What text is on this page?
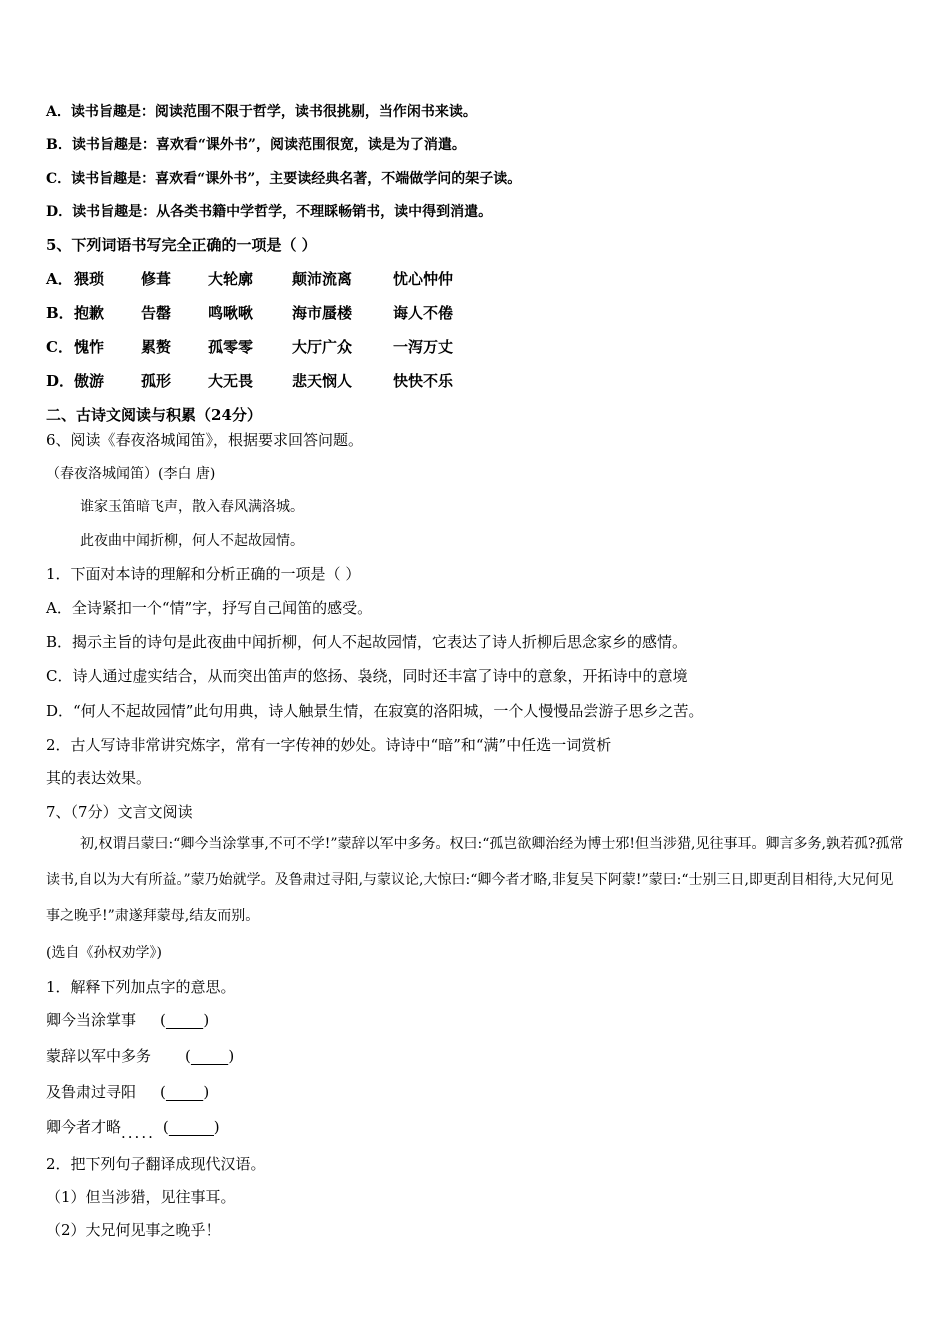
A．读书旨趣是：阅读范围不限于哲学，读书很挑剔，当作闲书来读。
B．读书旨趣是：喜欢看“课外书”，阅读范围很宽，读是为了消遣。
C．读书旨趣是：喜欢看“课外书”，主要读经典名著，不端做学问的架子读。
D．读书旨趣是：从各类书籍中学哲学，不理睬畅销书，读中得到消遣。
5、下列词语书写完全正确的一项是（ ）
A．猥琐 修葺 大轮廓	颠沛流离	忧心忡仲
B．抱歉 告罄 鸣啾啾	海市蜃楼	诲人不倦
C．愧怍 累赘 孤零零	大厅广众	一泻万丈
D．傲游 孤形 大无畏	悲天悯人	快快不乐
二、古诗文阅读与积累（24分）
6、阅读《春夜洛城闻笛》，根据要求回答问题。
（春夜洛城闻笛）(李白 唐)
谁家玉笛暗飞声，散入春风满洛城。
此夜曲中闻折柳，何人不起故园情。
1．下面对本诗的理解和分析正确的一项是（ ）
A．全诗紧扣一个“情”字，抒写自己闻笛的感受。
B．揭示主旨的诗句是此夜曲中闻折柳，何人不起故园情，它表达了诗人折柳后思念家乡的感情。
C．诗人通过虚实结合，从而突出笛声的悠扬、袅绕，同时还丰富了诗中的意象，开拓诗中的意境
D．“何人不起故园情”此句用典，诗人触景生情，在寂寞的洛阳城，一个人慢慢品尝游子思乡之苦。
2．古人写诗非常讲究炼字，常有一字传神的妙处。诗诗中“暗”和“满”中任选一词赏析
其的表达效果。
7、（7分）文言文阅读
初,权谓吕蒙曰:“卿今当涂掌事,不可不学!”蒙辞以军中多务。权曰:“孤岂欲卿治经为博士邪!但当涉猎,见往事耳。卿言多务,孰若孤?孤常读书,自以为大有所益。”蒙乃始就学。及鲁肃过寻阳,与蒙议论,大惊曰:“卿今者才略,非复吴下阿蒙!”蒙曰:“士别三日,即更刮目相待,大兄何见事之晚乎!”肃遂拜蒙母,结友而别。
(选自《孙权劝学》)
1．解释下列加点字的意思。
卿今当涂掌事 (_____)
蒙辞以军中多务 (_____)
及鲁肃过寻阳 (_____)
卿今者才略..... (______)
2．把下列句子翻译成现代汉语。
（1）但当涉猎，见往事耳。
（2）大兄何见事之晚乎！
